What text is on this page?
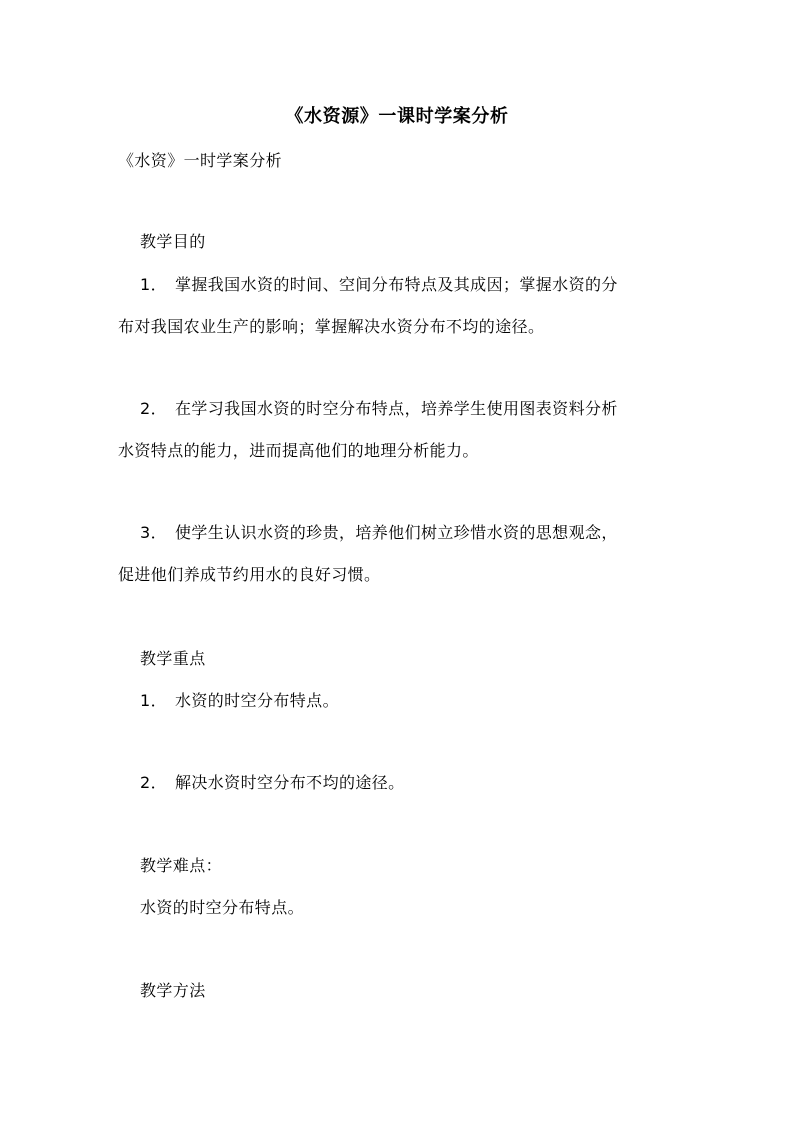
《水资源》一课时学案分析
《水资》一时学案分析
教学目的
1． 掌握我国水资的时间、空间分布特点及其成因；掌握水资的分
布对我国农业生产的影响；掌握解决水资分布不均的途径。
2． 在学习我国水资的时空分布特点，培养学生使用图表资料分析
水资特点的能力，进而提高他们的地理分析能力。
3． 使学生认识水资的珍贵，培养他们树立珍惜水资的思想观念，
促进他们养成节约用水的良好习惯。
教学重点
1． 水资的时空分布特点。
2． 解决水资时空分布不均的途径。
教学难点：
水资的时空分布特点。
教学方法
